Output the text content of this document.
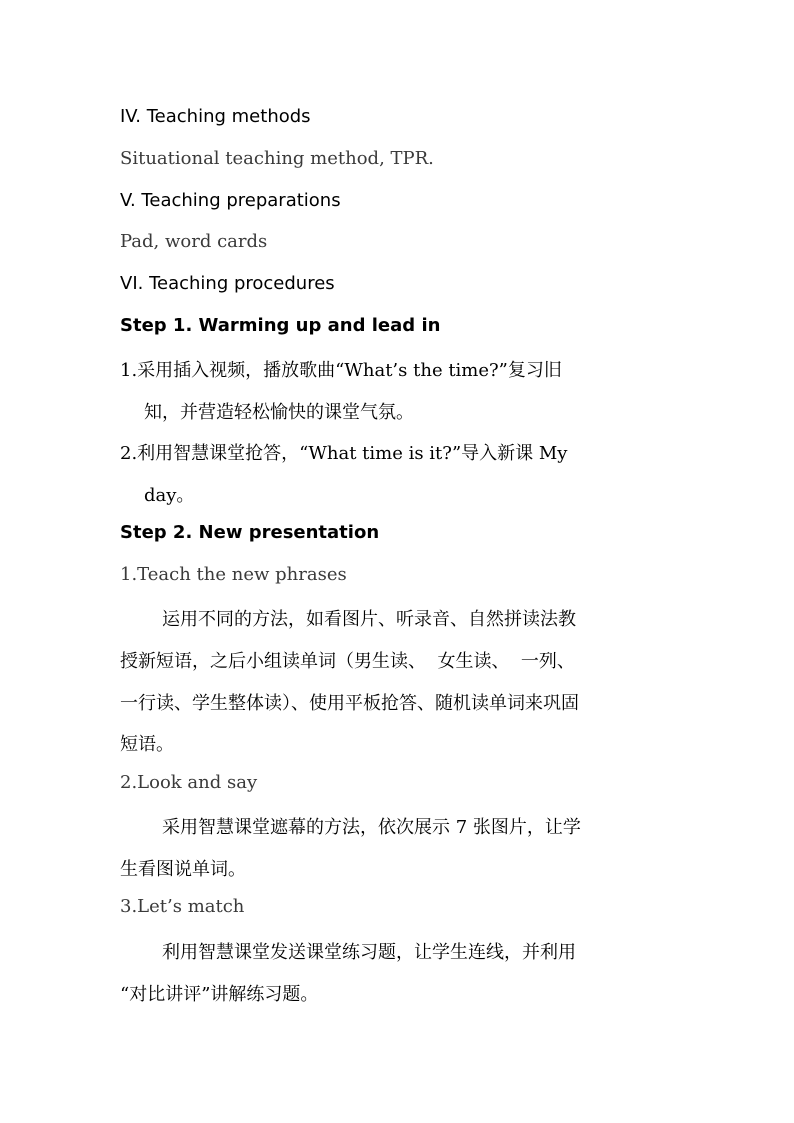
IV. Teaching methods
Situational teaching method, TPR.
V. Teaching preparations
Pad, word cards
VI. Teaching procedures
Step 1. Warming up and lead in
1.采用插入视频，播放歌曲“What’s the time?”复习旧
知，并营造轻松愉快的课堂气氛。
2.利用智慧课堂抢答，“What time is it?”导入新课 My
day。
Step 2. New presentation
1.Teach the new phrases
运用不同的方法，如看图片、听录音、自然拼读法教
授新短语，之后小组读单词（男生读、  女生读、  一列、
一行读、学生整体读）、使用平板抢答、随机读单词来巩固
短语。
2.Look and say
采用智慧课堂遮幕的方法，依次展示 7 张图片，让学
生看图说单词。
3.Let’s match
利用智慧课堂发送课堂练习题，让学生连线，并利用
“对比讲评”讲解练习题。
